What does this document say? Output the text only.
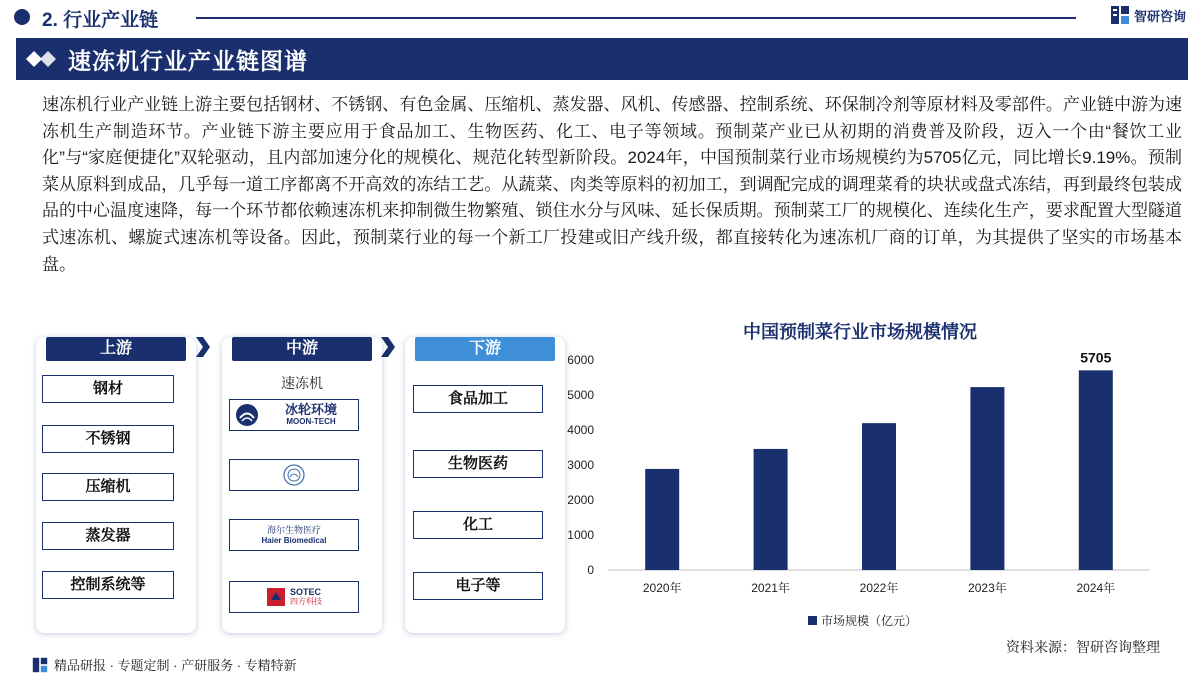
2. 行业产业链	智研咨询
速冻机行业产业链图谱
速冻机行业产业链上游主要包括钢材、不锈钢、有色金属、压缩机、蒸发器、风机、传感器、控制系统、环保制冷剂等原材料及零部件。产业链中游为速冻机生产制造环节。产业链下游主要应用于食品加工、生物医药、化工、电子等领域。预制菜产业已从初期的消费普及阶段，迈入一个由“餐饮工业化”与“家庭便捷化”双轮驱动，且内部加速分化的规模化、规范化转型新阶段。2024年，中国预制菜行业市场规模约为5705亿元，同比增长9.19%。预制菜从原料到成品，几乎每一道工序都离不开高效的冻结工艺。从蔬菜、肉类等原料的初加工，到调配完成的调理菜肴的块状或盘式冻结，再到最终包装成品的中心温度速降，每一个环节都依赖速冻机来抑制微生物繁殖、锁住水分与风味、延长保质期。预制菜工厂的规模化、连续化生产，要求配置大型隧道式速冻机、螺旋式速冻机等设备。因此，预制菜行业的每一个新工厂投建或旧产线升级，都直接转化为速冻机厂商的订单，为其提供了坚实的市场基本盘。
上游
钢材
不锈钢
压缩机
蒸发器
控制系统等
中游
速冻机
冰轮环境
MOON-TECH
海尔生物医疗
Haier Biomedical
SOTEC
四方科技
下游
食品加工
生物医药
化工
电子等
中国预制菜行业市场规模情况
0
1000
2000
3000
4000
5000
6000
2020年	2021年	2022年	2023年	2024年
5705
市场规模（亿元）
资料来源：智研咨询整理
精品研报 · 专题定制 · 产研服务 · 专精特新
